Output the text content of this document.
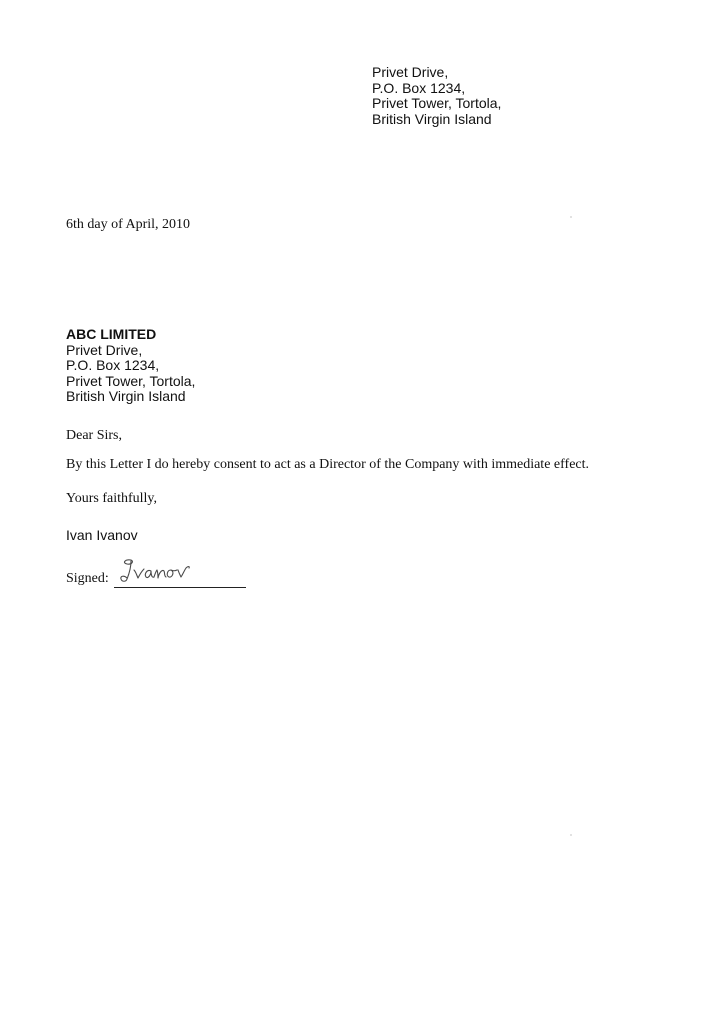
Privet Drive,
P.O. Box 1234,
Privet Tower, Tortola,
British Virgin Island
6th day of April, 2010
ABC LIMITED
Privet Drive,
P.O. Box 1234,
Privet Tower, Tortola,
British Virgin Island
Dear Sirs,
By this Letter I do hereby consent to act as a Director of the Company with immediate effect.
Yours faithfully,
Ivan Ivanov
Signed:
